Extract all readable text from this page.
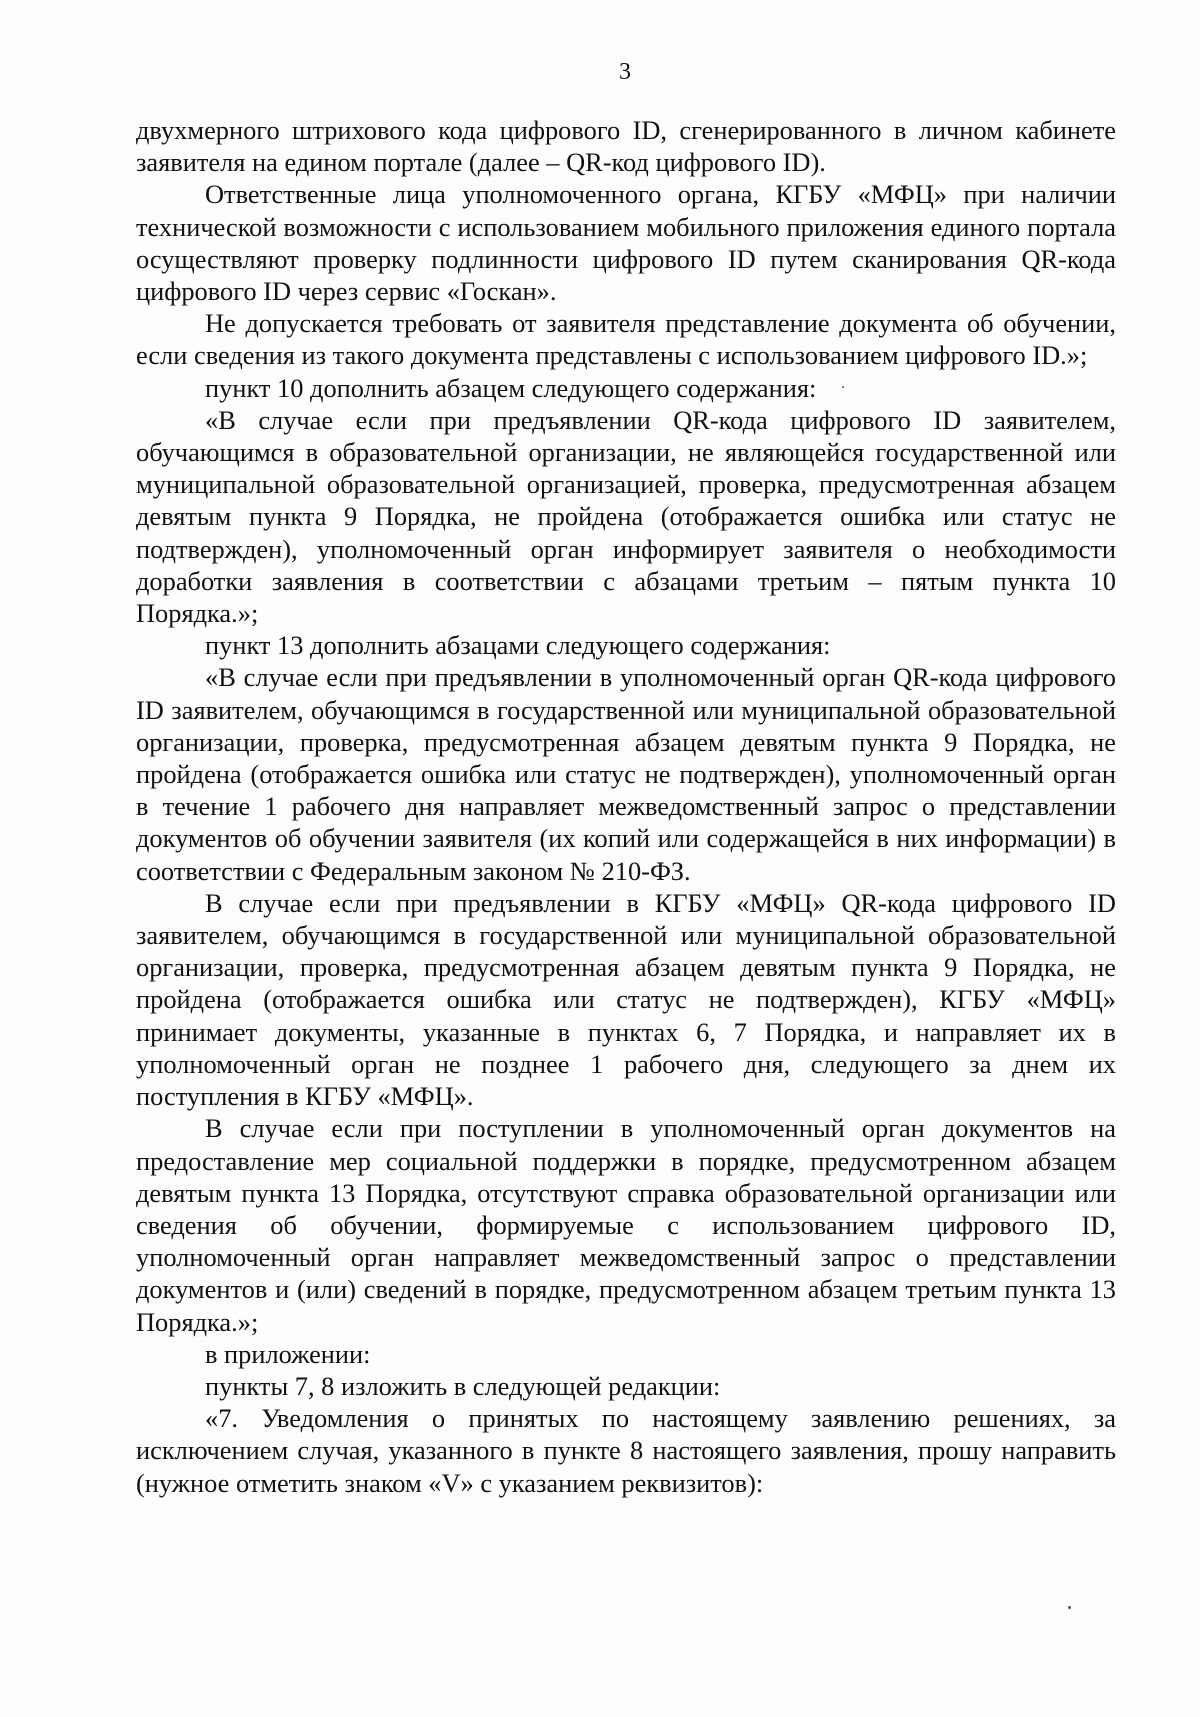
3

двухмерного штрихового кода цифрового ID, сгенерированного в личном кабинете заявителя на едином портале (далее – QR-код цифрового ID).

Ответственные лица уполномоченного органа, КГБУ «МФЦ» при наличии технической возможности с использованием мобильного приложения единого портала осуществляют проверку подлинности цифрового ID путем сканирования QR-кода цифрового ID через сервис «Госкан».

Не допускается требовать от заявителя представление документа об обучении, если сведения из такого документа представлены с использованием цифрового ID.»;

пункт 10 дополнить абзацем следующего содержания:

«В случае если при предъявлении QR-кода цифрового ID заявителем, обучающимся в образовательной организации, не являющейся государственной или муниципальной образовательной организацией, проверка, предусмотренная абзацем девятым пункта 9 Порядка, не пройдена (отображается ошибка или статус не подтвержден), уполномоченный орган информирует заявителя о необходимости доработки заявления в соответствии с абзацами третьим – пятым пункта 10 Порядка.»;

пункт 13 дополнить абзацами следующего содержания:

«В случае если при предъявлении в уполномоченный орган QR-кода цифрового ID заявителем, обучающимся в государственной или муниципальной образовательной организации, проверка, предусмотренная абзацем девятым пункта 9 Порядка, не пройдена (отображается ошибка или статус не подтвержден), уполномоченный орган в течение 1 рабочего дня направляет межведомственный запрос о представлении документов об обучении заявителя (их копий или содержащейся в них информации) в соответствии с Федеральным законом № 210-ФЗ.

В случае если при предъявлении в КГБУ «МФЦ» QR-кода цифрового ID заявителем, обучающимся в государственной или муниципальной образовательной организации, проверка, предусмотренная абзацем девятым пункта 9 Порядка, не пройдена (отображается ошибка или статус не подтвержден), КГБУ «МФЦ» принимает документы, указанные в пунктах 6, 7 Порядка, и направляет их в уполномоченный орган не позднее 1 рабочего дня, следующего за днем их поступления в КГБУ «МФЦ».

В случае если при поступлении в уполномоченный орган документов на предоставление мер социальной поддержки в порядке, предусмотренном абзацем девятым пункта 13 Порядка, отсутствуют справка образовательной организации или сведения об обучении, формируемые с использованием цифрового ID, уполномоченный орган направляет межведомственный запрос о представлении документов и (или) сведений в порядке, предусмотренном абзацем третьим пункта 13 Порядка.»;

в приложении:

пункты 7, 8 изложить в следующей редакции:

«7. Уведомления о принятых по настоящему заявлению решениях, за исключением случая, указанного в пункте 8 настоящего заявления, прошу направить (нужное отметить знаком «V» с указанием реквизитов):
